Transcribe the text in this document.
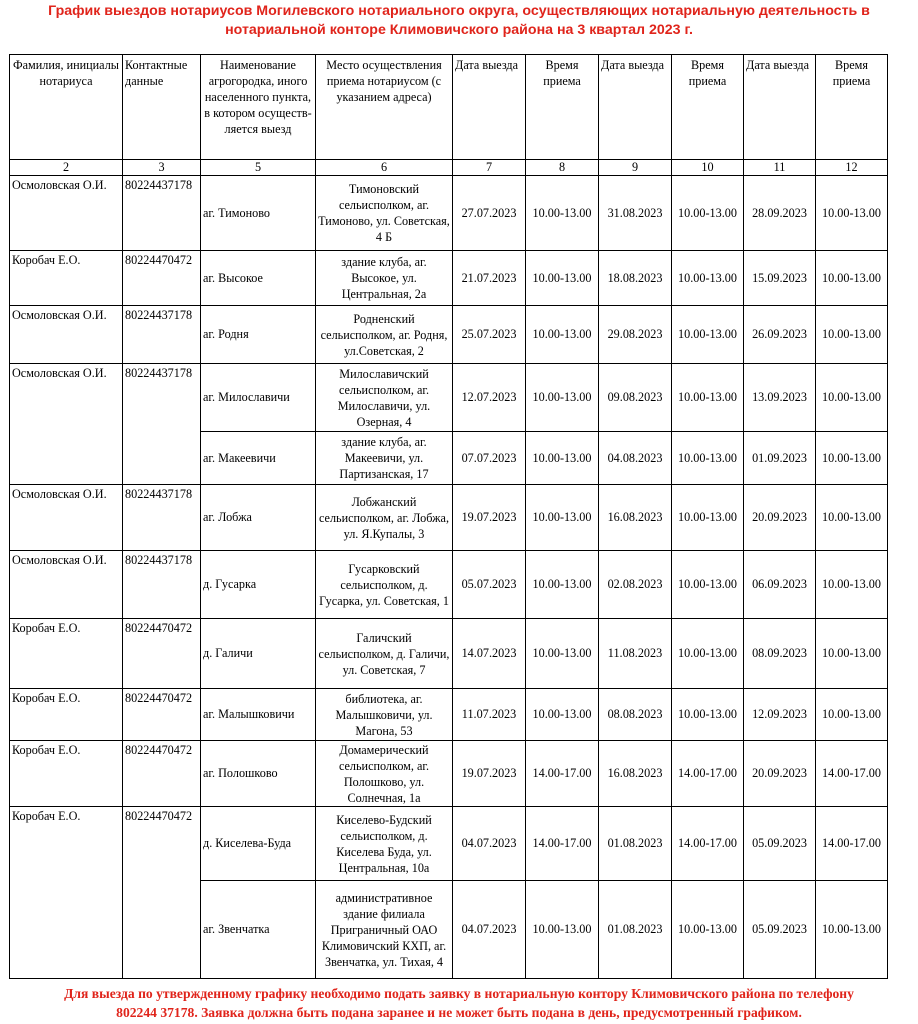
График выездов нотариусов Могилевского нотариального округа, осуществляющих нотариальную деятельность в
нотариальной конторе Климовичского района на 3 квартал 2023 г.
Фамилия, инициалы нотариуса	Контактные данные	Наименование агрогородка, иного населенного пункта, в котором осуществ-ляется выезд	Место осуществления приема нотариусом (с указанием адреса)	Дата выезда	Время приема	Дата выезда	Время приема	Дата выезда	Время приема
2	3	5	6	7	8	9	10	11	12
Осмоловская О.И.	80224437178	аг. Тимоново	Тимоновский сельисполком, аг. Тимоново, ул. Советская, 4 Б	27.07.2023	10.00-13.00	31.08.2023	10.00-13.00	28.09.2023	10.00-13.00
Коробач Е.О.	80224470472	аг. Высокое	здание клуба, аг. Высокое, ул. Центральная, 2а	21.07.2023	10.00-13.00	18.08.2023	10.00-13.00	15.09.2023	10.00-13.00
Осмоловская О.И.	80224437178	аг. Родня	Родненский сельисполком, аг. Родня, ул.Советская, 2	25.07.2023	10.00-13.00	29.08.2023	10.00-13.00	26.09.2023	10.00-13.00
Осмоловская О.И.	80224437178	аг. Милославичи	Милославичский сельисполком, аг. Милославичи, ул. Озерная, 4	12.07.2023	10.00-13.00	09.08.2023	10.00-13.00	13.09.2023	10.00-13.00
		аг. Макеевичи	здание клуба, аг. Макеевичи, ул. Партизанская, 17	07.07.2023	10.00-13.00	04.08.2023	10.00-13.00	01.09.2023	10.00-13.00
Осмоловская О.И.	80224437178	аг. Лобжа	Лобжанский сельисполком, аг. Лобжа, ул. Я.Купалы, 3	19.07.2023	10.00-13.00	16.08.2023	10.00-13.00	20.09.2023	10.00-13.00
Осмоловская О.И.	80224437178	д. Гусарка	Гусарковский сельисполком, д. Гусарка, ул. Советская, 1	05.07.2023	10.00-13.00	02.08.2023	10.00-13.00	06.09.2023	10.00-13.00
Коробач Е.О.	80224470472	д. Галичи	Галичский сельисполком, д. Галичи, ул. Советская, 7	14.07.2023	10.00-13.00	11.08.2023	10.00-13.00	08.09.2023	10.00-13.00
Коробач Е.О.	80224470472	аг. Малышковичи	библиотека, аг. Малышковичи, ул. Магона, 53	11.07.2023	10.00-13.00	08.08.2023	10.00-13.00	12.09.2023	10.00-13.00
Коробач Е.О.	80224470472	аг. Полошково	Домамерический сельисполком, аг. Полошково, ул. Солнечная, 1а	19.07.2023	14.00-17.00	16.08.2023	14.00-17.00	20.09.2023	14.00-17.00
Коробач Е.О.	80224470472	д. Киселева-Буда	Киселево-Будский сельисполком, д. Киселева Буда, ул. Центральная, 10а	04.07.2023	14.00-17.00	01.08.2023	14.00-17.00	05.09.2023	14.00-17.00
		аг. Звенчатка	административное здание филиала Приграничный ОАО Климовичский КХП, аг. Звенчатка, ул. Тихая, 4	04.07.2023	10.00-13.00	01.08.2023	10.00-13.00	05.09.2023	10.00-13.00
Для выезда по утвержденному графику необходимо подать заявку в нотариальную контору Климовичского района по телефону
802244 37178. Заявка должна быть подана заранее и не может быть подана в день, предусмотренный графиком.
